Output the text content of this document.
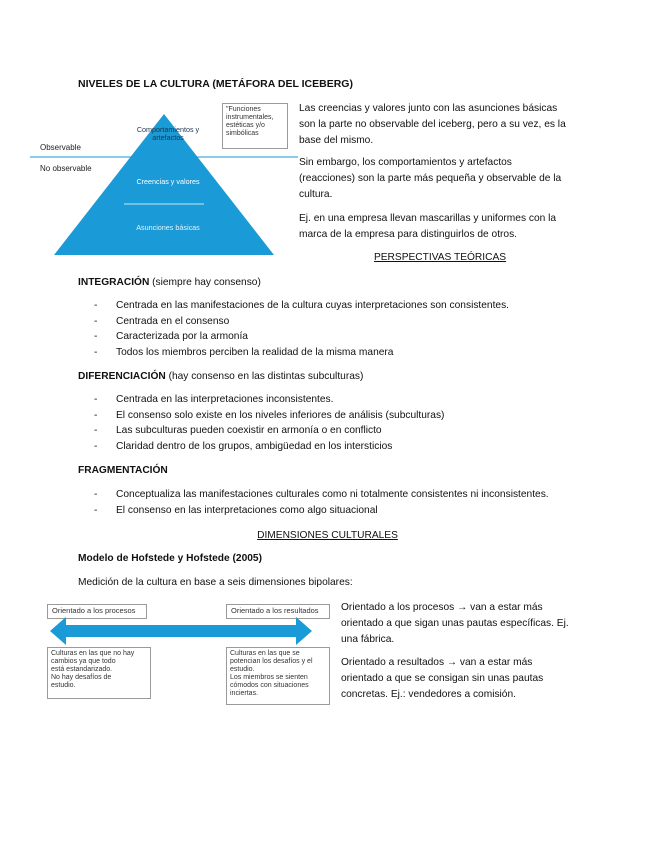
NIVELES DE LA CULTURA (METÁFORA DEL ICEBERG)
Observable
No observable
Comportamientos y artefactos
Creencias y valores
Asunciones básicas
"Funciones
instrumentales,
estéticas y/o
simbólicas
Las creencias y valores junto con las asunciones básicas
son la parte no observable del iceberg, pero a su vez, es la
base del mismo.
Sin embargo, los comportamientos y artefactos
(reacciones) son la parte más pequeña y observable de la
cultura.
Ej. en una empresa llevan mascarillas y uniformes con la
marca de la empresa para distinguirlos de otros.
PERSPECTIVAS TEÓRICAS
INTEGRACIÓN (siempre hay consenso)
- Centrada en las manifestaciones de la cultura cuyas interpretaciones son consistentes.
- Centrada en el consenso
- Caracterizada por la armonía
- Todos los miembros perciben la realidad de la misma manera
DIFERENCIACIÓN (hay consenso en las distintas subculturas)
- Centrada en las interpretaciones inconsistentes.
- El consenso solo existe en los niveles inferiores de análisis (subculturas)
- Las subculturas pueden coexistir en armonía o en conflicto
- Claridad dentro de los grupos, ambigüedad en los intersticios
FRAGMENTACIÓN
- Conceptualiza las manifestaciones culturales como ni totalmente consistentes ni inconsistentes.
- El consenso en las interpretaciones como algo situacional
DIMENSIONES CULTURALES
Modelo de Hofstede y Hofstede (2005)
Medición de la cultura en base a seis dimensiones bipolares:
Orientado a los procesos	Orientado a los resultados
Culturas en las que no hay
cambios ya que todo
está estandarizado.
No hay desafíos de
estudio.
Culturas en las que se
potencian los desafíos y el
estudio.
Los miembros se sienten
cómodos con situaciones
inciertas.
Orientado a los procesos → van a estar más
orientado a que sigan unas pautas específicas. Ej.
una fábrica.
Orientado a resultados → van a estar más
orientado a que se consigan sin unas pautas
concretas. Ej.: vendedores a comisión.
